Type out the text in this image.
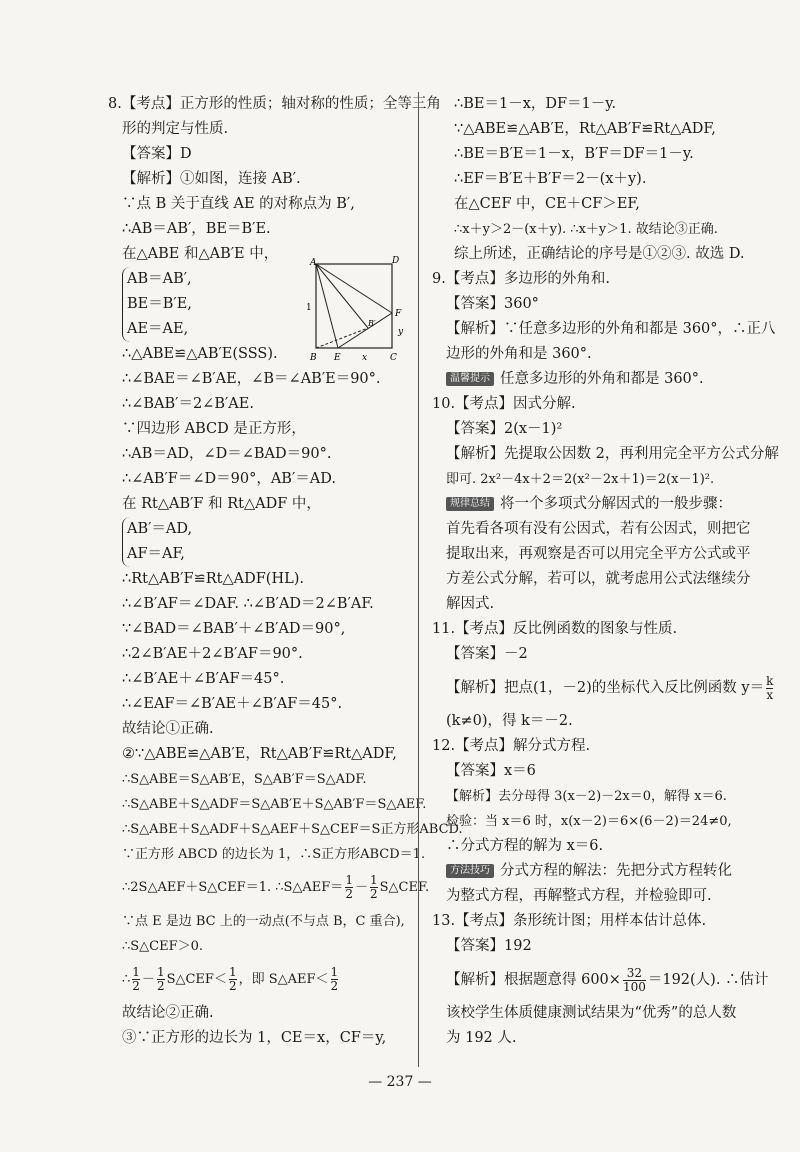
8.【考点】正方形的性质；轴对称的性质；全等三角
形的判定与性质.
【答案】D
【解析】①如图，连接 AB′.
∵点 B 关于直线 AE 的对称点为 B′,
∴AB＝AB′，BE＝B′E.
在△ABE 和△AB′E 中，
AB＝AB′,
BE＝B′E,
AE＝AE,
∴△ABE≌△AB′E(SSS).
∴∠BAE＝∠B′AE，∠B＝∠AB′E＝90°.
∴∠BAB′＝2∠B′AE.
∵四边形 ABCD 是正方形，
∴AB＝AD，∠D＝∠BAD＝90°.
∴∠AB′F＝∠D＝90°，AB′＝AD.
在 Rt△AB′F 和 Rt△ADF 中，
AB′＝AD,
AF＝AF,
∴Rt△AB′F≌Rt△ADF(HL).
∴∠B′AF＝∠DAF. ∴∠B′AD＝2∠B′AF.
∵∠BAD＝∠BAB′＋∠B′AD＝90°,
∴2∠B′AE＋2∠B′AF＝90°.
∴∠B′AE＋∠B′AF＝45°.
∴∠EAF＝∠B′AE＋∠B′AF＝45°.
故结论①正确.
②∵△ABE≌△AB′E，Rt△AB′F≌Rt△ADF,
∴S△ABE＝S△AB′E，S△AB′F＝S△ADF.
∴S△ABE＋S△ADF＝S△AB′E＋S△AB′F＝S△AEF.
∴S△ABE＋S△ADF＋S△AEF＋S△CEF＝S正方形ABCD.
∵正方形 ABCD 的边长为 1，∴S正方形ABCD＝1.
∴2S△AEF＋S△CEF＝1. ∴S△AEF＝ $\frac{1}{2} - \frac{1}{2}$ S△CEF.
∵点 E 是边 BC 上的一动点(不与点 B，C 重合),
∴S△CEF＞0.
∴ $\frac{1}{2} - \frac{1}{2}$ S△CEF＜ $\frac{1}{2}$ ，即 S△AEF＜ $\frac{1}{2}$
故结论②正确.
③∵正方形的边长为 1，CE＝x，CF＝y,
A	D
B E x	C
F
y
B′
1
∴BE＝1－x，DF＝1－y.
∵△ABE≌△AB′E，Rt△AB′F≌Rt△ADF,
∴BE＝B′E＝1－x，B′F＝DF＝1－y.
∴EF＝B′E＋B′F＝2－(x＋y).
在△CEF 中，CE＋CF＞EF,
∴x＋y＞2－(x＋y). ∴x＋y＞1. 故结论③正确.
综上所述，正确结论的序号是①②③. 故选 D.
9.【考点】多边形的外角和.
【答案】360°
【解析】∵任意多边形的外角和都是 360°，∴正八
边形的外角和是 360°.
温馨提示 任意多边形的外角和都是 360°.
10.【考点】因式分解.
【答案】2(x－1)²
【解析】先提取公因数 2，再利用完全平方公式分解
即可. 2x²－4x＋2＝2(x²－2x＋1)＝2(x－1)².
规律总结 将一个多项式分解因式的一般步骤：
首先看各项有没有公因式，若有公因式，则把它
提取出来，再观察是否可以用完全平方公式或平
方差公式分解，若可以，就考虑用公式法继续分
解因式.
11.【考点】反比例函数的图象与性质.
【答案】－2
【解析】把点(1，－2)的坐标代入反比例函数 $y= \frac{k}{x}$
(k≠0)，得 k＝－2.
12.【考点】解分式方程.
【答案】x＝6
【解析】去分母得 3(x－2)－2x＝0，解得 x＝6.
检验：当 x＝6 时，x(x－2)＝6×(6－2)＝24≠0,
∴分式方程的解为 x＝6.
方法技巧 分式方程的解法：先把分式方程转化
为整式方程，再解整式方程，并检验即可.
13.【考点】条形统计图；用样本估计总体.
【答案】192
【解析】根据题意得 $600\times \frac{32}{100} =192$(人). ∴估计
该校学生体质健康测试结果为“优秀”的总人数
为 192 人.
— 237 —
